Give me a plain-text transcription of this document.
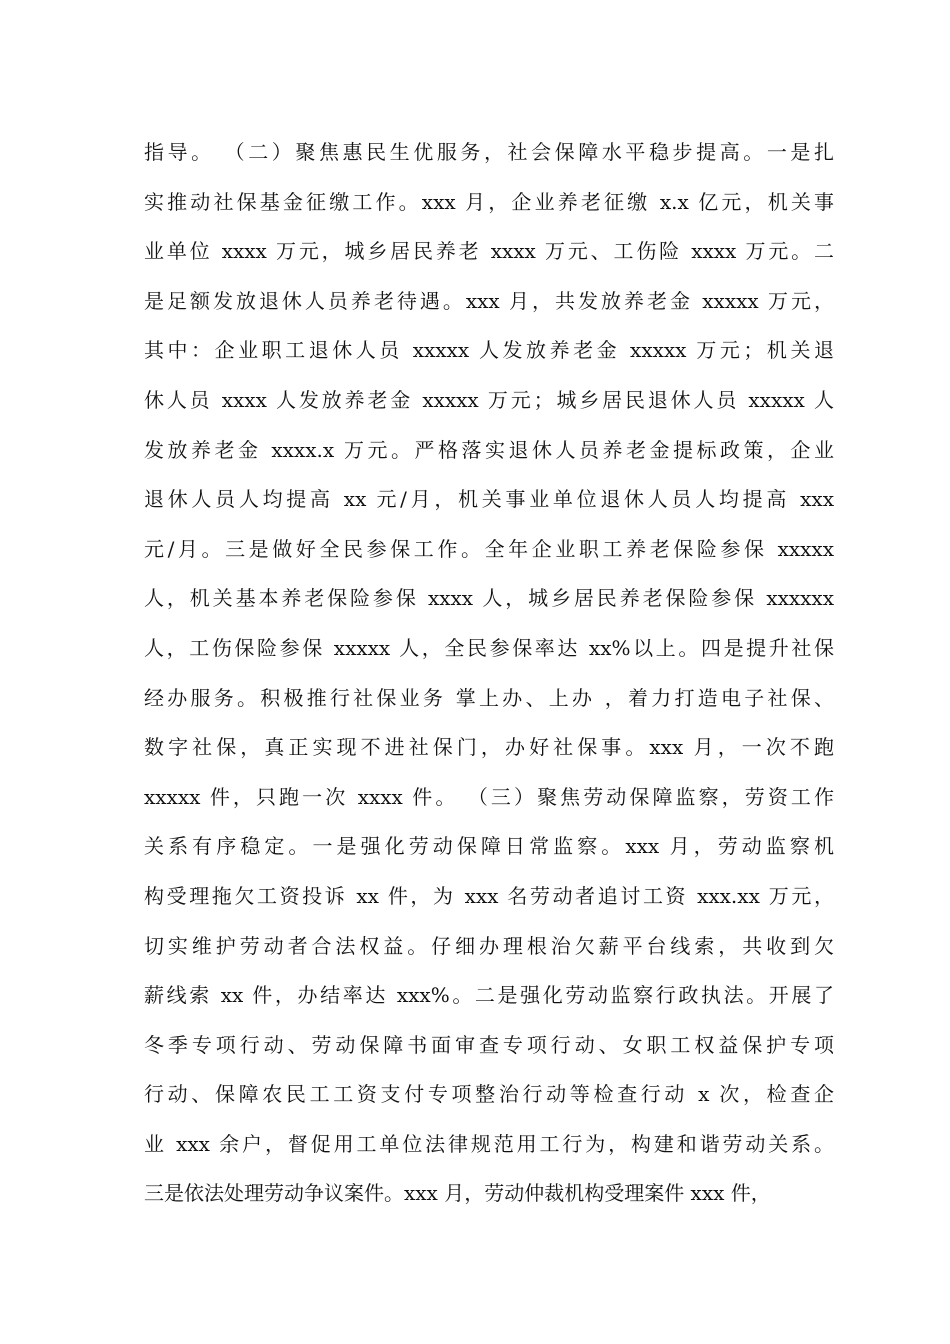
指导。 （二）聚焦惠民生优服务，社会保障水平稳步提高。一是扎
实推动社保基金征缴工作。xxx 月，企业养老征缴 x.x 亿元，机关事
业单位 xxxx 万元，城乡居民养老 xxxx 万元、工伤险 xxxx 万元。二
是足额发放退休人员养老待遇。xxx 月，共发放养老金 xxxxx 万元，
其中：企业职工退休人员 xxxxx 人发放养老金 xxxxx 万元；机关退
休人员 xxxx 人发放养老金 xxxxx 万元；城乡居民退休人员 xxxxx 人
发放养老金 xxxx.x 万元。严格落实退休人员养老金提标政策，企业
退休人员人均提高 xx 元/月，机关事业单位退休人员人均提高 xxx
元/月。三是做好全民参保工作。全年企业职工养老保险参保 xxxxx
人，机关基本养老保险参保 xxxx 人，城乡居民养老保险参保 xxxxxx
人，工伤保险参保 xxxxx 人，全民参保率达 xx%以上。四是提升社保
经办服务。积极推行社保业务 掌上办、上办 ，着力打造电子社保、
数字社保，真正实现不进社保门，办好社保事。xxx 月，一次不跑
xxxxx 件，只跑一次 xxxx 件。 （三）聚焦劳动保障监察，劳资工作
关系有序稳定。一是强化劳动保障日常监察。xxx 月，劳动监察机
构受理拖欠工资投诉 xx 件，为 xxx 名劳动者追讨工资 xxx.xx 万元，
切实维护劳动者合法权益。仔细办理根治欠薪平台线索，共收到欠
薪线索 xx 件，办结率达 xxx%。二是强化劳动监察行政执法。开展了
冬季专项行动、劳动保障书面审查专项行动、女职工权益保护专项
行动、保障农民工工资支付专项整治行动等检查行动 x 次，检查企
业 xxx 余户，督促用工单位法律规范用工行为，构建和谐劳动关系。
三是依法处理劳动争议案件。xxx 月，劳动仲裁机构受理案件 xxx 件，
